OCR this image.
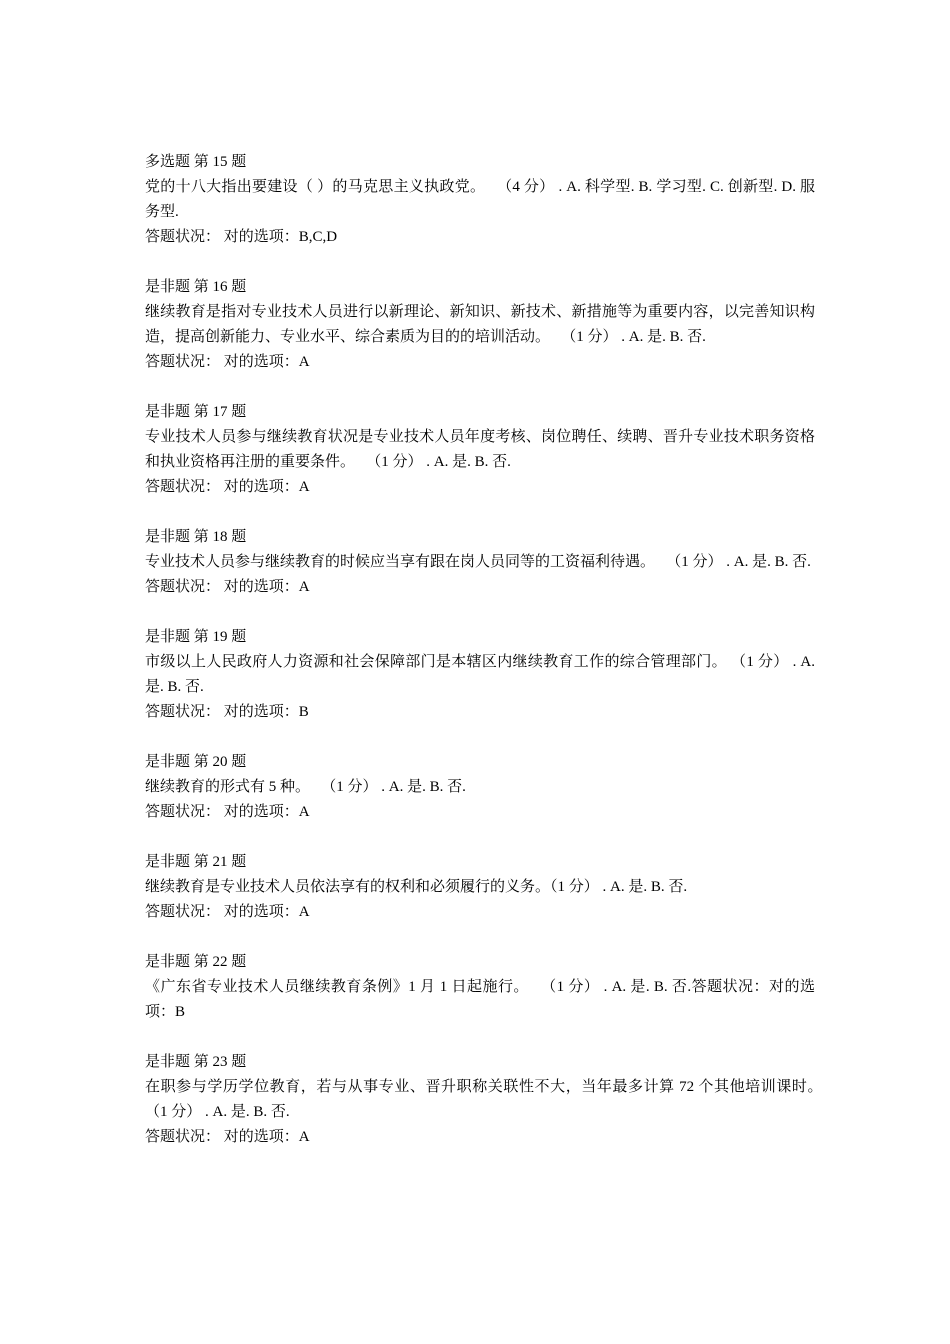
多选题 第 15 题
党的十八大指出要建设（ ）的马克思主义执政党。　 （4 分） . A. 科学型. B. 学习型. C. 创新型. D. 服务型.
答题状况： 对的选项：B,C,D
是非题 第 16 题
继续教育是指对专业技术人员进行以新理论、新知识、新技术、新措施等为重要内容，以完善知识构造，提高创新能力、专业水平、综合素质为目的的培训活动。　 （1 分） . A. 是. B. 否.
答题状况： 对的选项：A
是非题 第 17 题
专业技术人员参与继续教育状况是专业技术人员年度考核、岗位聘任、续聘、晋升专业技术职务资格和执业资格再注册的重要条件。　 （1 分） . A. 是. B. 否.
答题状况： 对的选项：A
是非题 第 18 题
专业技术人员参与继续教育的时候应当享有跟在岗人员同等的工资福利待遇。　 （1 分） . A. 是. B. 否.
答题状况： 对的选项：A
是非题 第 19 题
市级以上人民政府人力资源和社会保障部门是本辖区内继续教育工作的综合管理部门。 （1 分） . A. 是. B. 否.
答题状况： 对的选项：B
是非题 第 20 题
继续教育的形式有 5 种。　 （1 分） . A. 是. B. 否.
答题状况： 对的选项：A
是非题 第 21 题
继续教育是专业技术人员依法享有的权利和必须履行的义务。（1 分） . A. 是. B. 否.
答题状况： 对的选项：A
是非题 第 22 题
《广东省专业技术人员继续教育条例》1 月 1 日起施行。　 （1 分） . A. 是. B. 否.答题状况：对的选项：B
是非题 第 23 题
在职参与学历学位教育，若与从事专业、晋升职称关联性不大，当年最多计算 72 个其他培训课时。　 （1 分） . A. 是. B. 否.
答题状况： 对的选项：A
